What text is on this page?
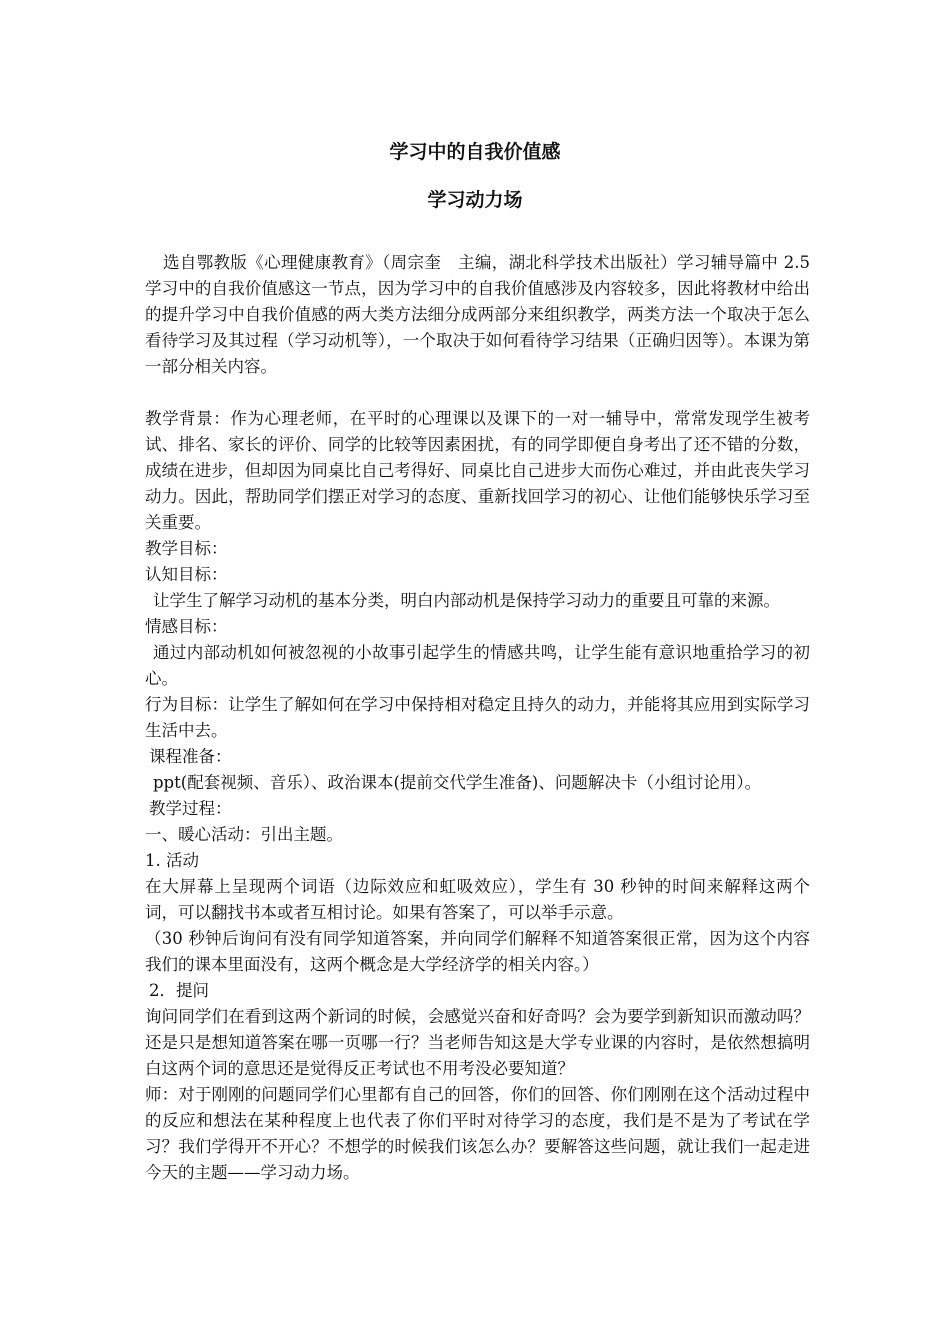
学习中的自我价值感
学习动力场

选自鄂教版《心理健康教育》（周宗奎　主编，湖北科学技术出版社）学习辅导篇中 2.5 学习中的自我价值感这一节点，因为学习中的自我价值感涉及内容较多，因此将教材中给出的提升学习中自我价值感的两大类方法细分成两部分来组织教学，两类方法一个取决于怎么看待学习及其过程（学习动机等），一个取决于如何看待学习结果（正确归因等）。本课为第一部分相关内容。

教学背景：作为心理老师，在平时的心理课以及课下的一对一辅导中，常常发现学生被考试、排名、家长的评价、同学的比较等因素困扰，有的同学即便自身考出了还不错的分数，成绩在进步，但却因为同桌比自己考得好、同桌比自己进步大而伤心难过，并由此丧失学习动力。因此，帮助同学们摆正对学习的态度、重新找回学习的初心、让他们能够快乐学习至关重要。

教学目标：

认知目标：

让学生了解学习动机的基本分类，明白内部动机是保持学习动力的重要且可靠的来源。

情感目标：

通过内部动机如何被忽视的小故事引起学生的情感共鸣，让学生能有意识地重拾学习的初心。

行为目标：让学生了解如何在学习中保持相对稳定且持久的动力，并能将其应用到实际学习生活中去。

课程准备：

ppt(配套视频、音乐）、政治课本(提前交代学生准备)、问题解决卡（小组讨论用）。

教学过程：

一、暖心活动：引出主题。

1. 活动

在大屏幕上呈现两个词语（边际效应和虹吸效应），学生有 30 秒钟的时间来解释这两个词，可以翻找书本或者互相讨论。如果有答案了，可以举手示意。

（30 秒钟后询问有没有同学知道答案，并向同学们解释不知道答案很正常，因为这个内容我们的课本里面没有，这两个概念是大学经济学的相关内容。）

2．提问

询问同学们在看到这两个新词的时候，会感觉兴奋和好奇吗？会为要学到新知识而激动吗？还是只是想知道答案在哪一页哪一行？当老师告知这是大学专业课的内容时，是依然想搞明白这两个词的意思还是觉得反正考试也不用考没必要知道？

师：对于刚刚的问题同学们心里都有自己的回答，你们的回答、你们刚刚在这个活动过程中的反应和想法在某种程度上也代表了你们平时对待学习的态度，我们是不是为了考试在学习？我们学得开不开心？不想学的时候我们该怎么办？要解答这些问题，就让我们一起走进今天的主题——学习动力场。
